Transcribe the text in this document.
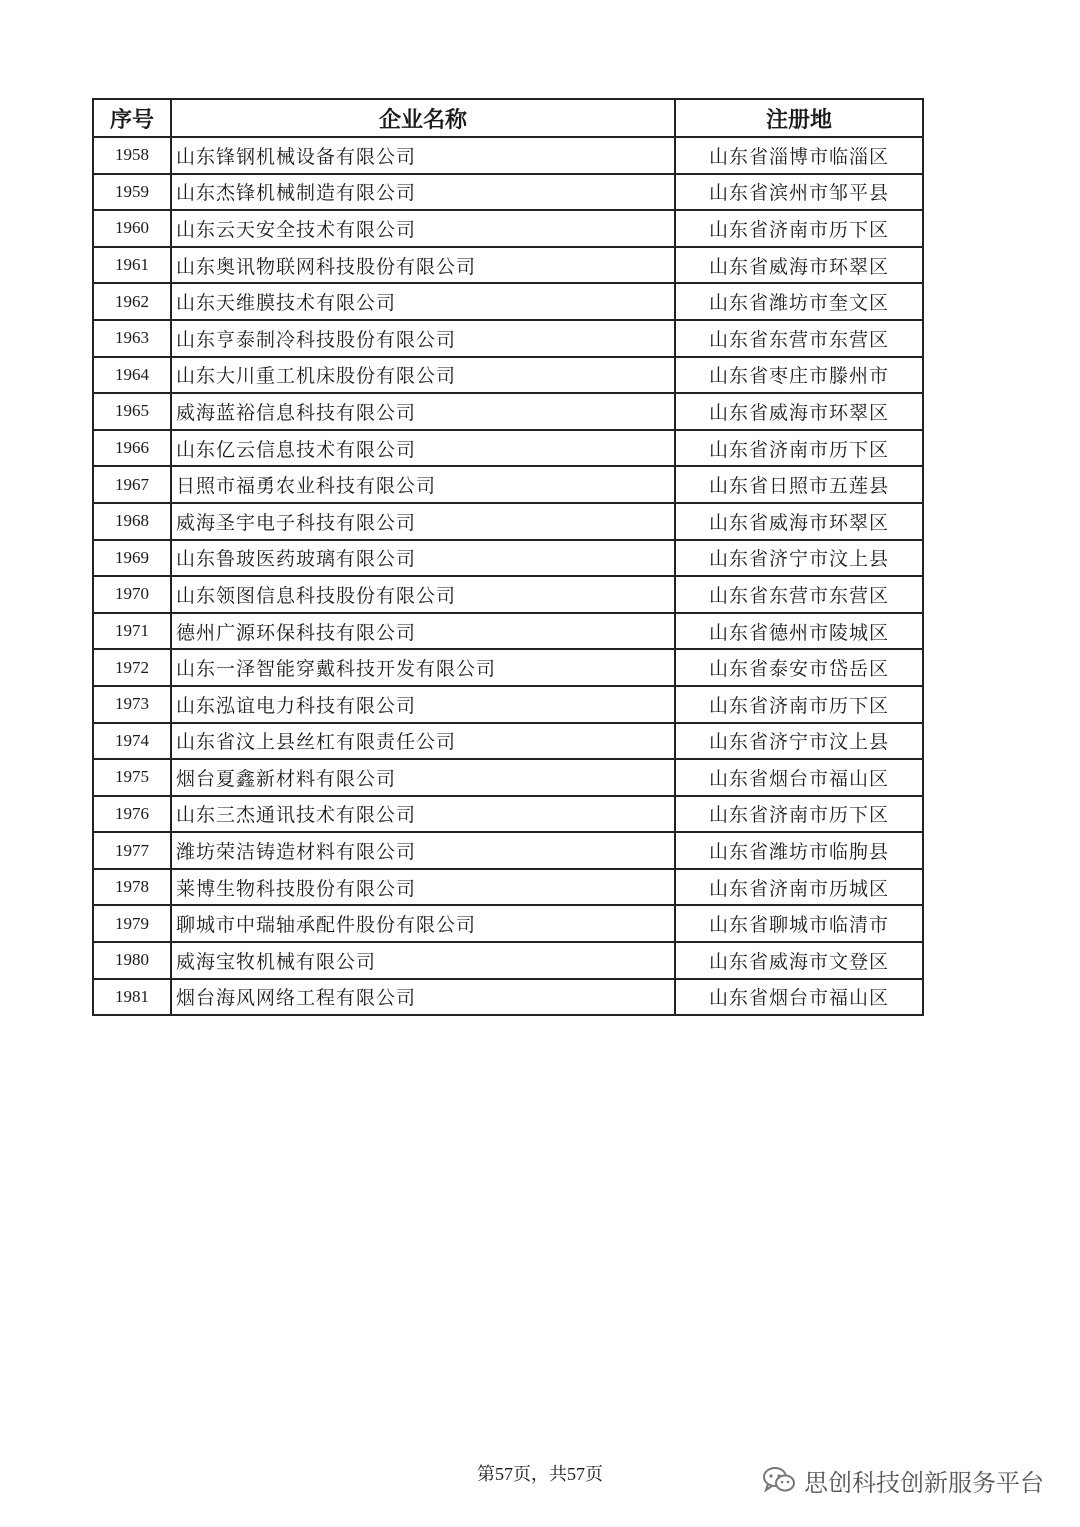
序号	企业名称	注册地
1958	山东锋钢机械设备有限公司	山东省淄博市临淄区
1959	山东杰锋机械制造有限公司	山东省滨州市邹平县
1960	山东云天安全技术有限公司	山东省济南市历下区
1961	山东奥讯物联网科技股份有限公司	山东省威海市环翠区
1962	山东天维膜技术有限公司	山东省潍坊市奎文区
1963	山东亨泰制冷科技股份有限公司	山东省东营市东营区
1964	山东大川重工机床股份有限公司	山东省枣庄市滕州市
1965	威海蓝裕信息科技有限公司	山东省威海市环翠区
1966	山东亿云信息技术有限公司	山东省济南市历下区
1967	日照市福勇农业科技有限公司	山东省日照市五莲县
1968	威海圣宇电子科技有限公司	山东省威海市环翠区
1969	山东鲁玻医药玻璃有限公司	山东省济宁市汶上县
1970	山东领图信息科技股份有限公司	山东省东营市东营区
1971	德州广源环保科技有限公司	山东省德州市陵城区
1972	山东一泽智能穿戴科技开发有限公司	山东省泰安市岱岳区
1973	山东泓谊电力科技有限公司	山东省济南市历下区
1974	山东省汶上县丝杠有限责任公司	山东省济宁市汶上县
1975	烟台夏鑫新材料有限公司	山东省烟台市福山区
1976	山东三杰通讯技术有限公司	山东省济南市历下区
1977	潍坊荣洁铸造材料有限公司	山东省潍坊市临朐县
1978	莱博生物科技股份有限公司	山东省济南市历城区
1979	聊城市中瑞轴承配件股份有限公司	山东省聊城市临清市
1980	威海宝牧机械有限公司	山东省威海市文登区
1981	烟台海风网络工程有限公司	山东省烟台市福山区
第57页，共57页	思创科技创新服务平台
